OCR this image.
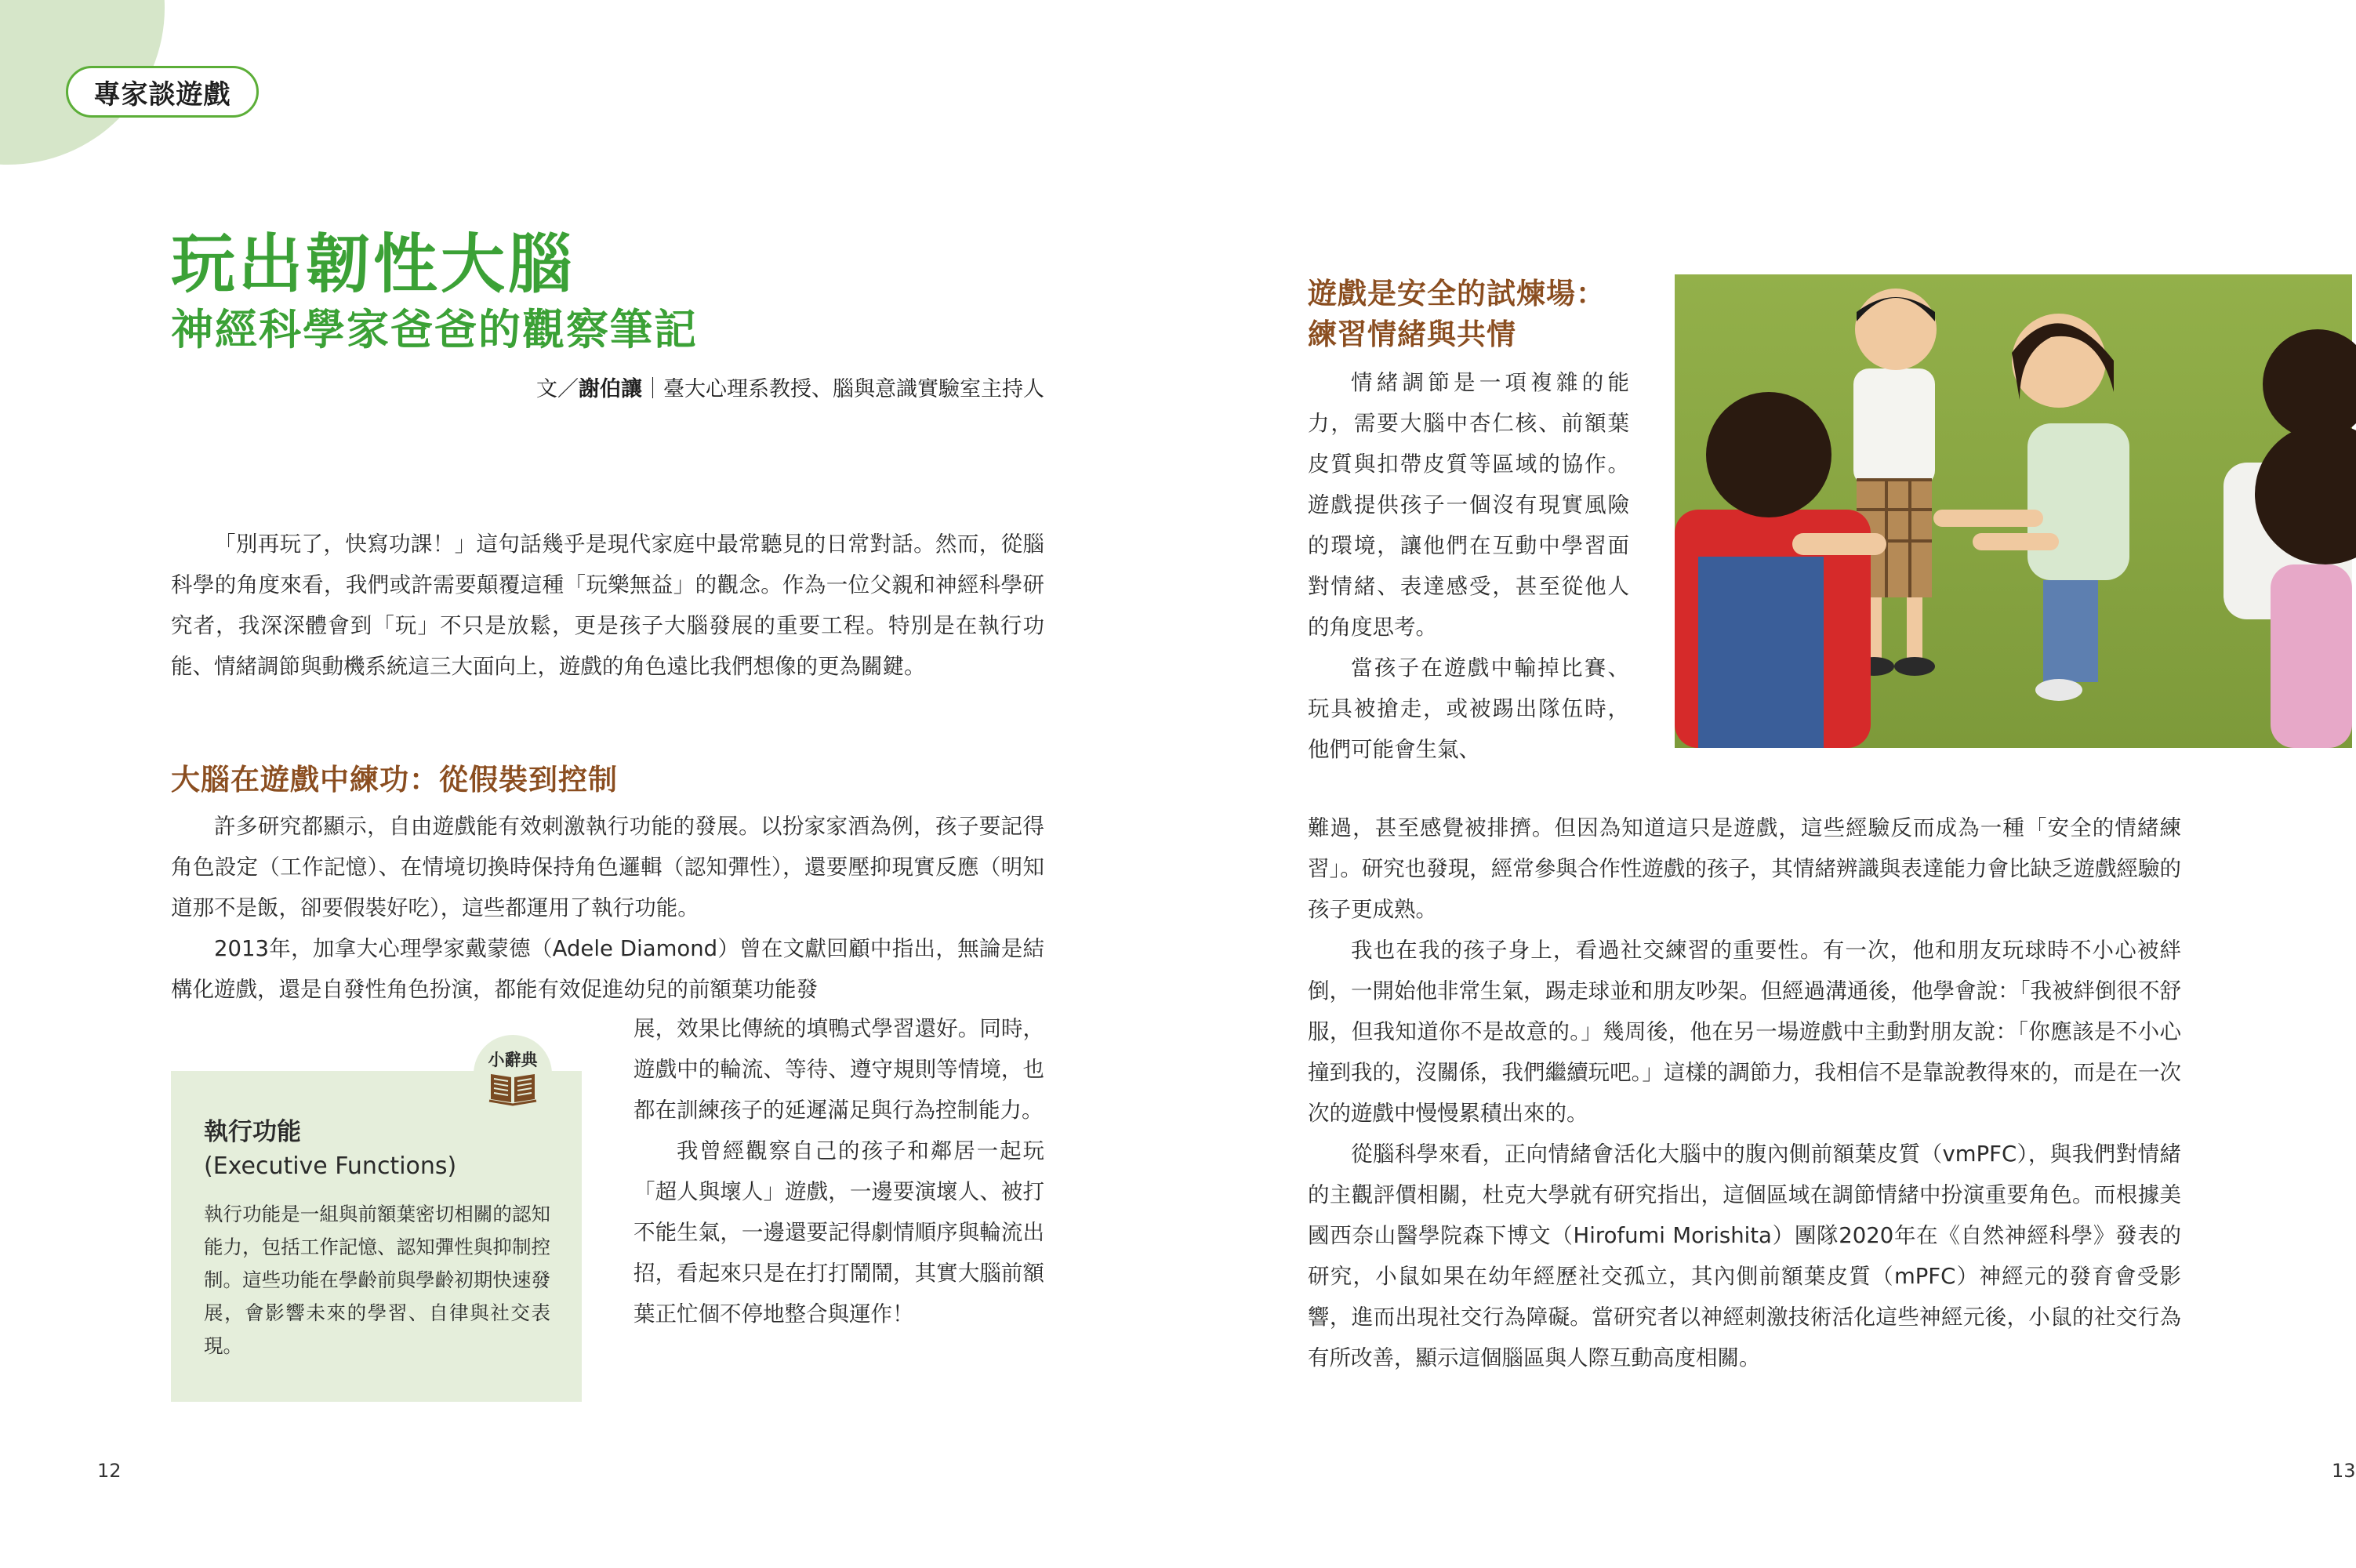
專家談遊戲
玩出韌性大腦
神經科學家爸爸的觀察筆記
文／謝伯讓｜臺大心理系教授、腦與意識實驗室主持人

「別再玩了，快寫功課！」這句話幾乎是現代家庭中最常聽見的日常對話。然而，從腦科學的角度來看，我們或許需要顛覆這種「玩樂無益」的觀念。作為一位父親和神經科學研究者，我深深體會到「玩」不只是放鬆，更是孩子大腦發展的重要工程。特別是在執行功能、情緒調節與動機系統這三大面向上，遊戲的角色遠比我們想像的更為關鍵。

大腦在遊戲中練功：從假裝到控制

許多研究都顯示，自由遊戲能有效刺激執行功能的發展。以扮家家酒為例，孩子要記得角色設定（工作記憶）、在情境切換時保持角色邏輯（認知彈性），還要壓抑現實反應（明知道那不是飯，卻要假裝好吃），這些都運用了執行功能。

2013年，加拿大心理學家戴蒙德（Adele Diamond）曾在文獻回顧中指出，無論是結構化遊戲，還是自發性角色扮演，都能有效促進幼兒的前額葉功能發

展，效果比傳統的填鴨式學習還好。同時，遊戲中的輪流、等待、遵守規則等情境，也都在訓練孩子的延遲滿足與行為控制能力。

我曾經觀察自己的孩子和鄰居一起玩「超人與壞人」遊戲，一邊要演壞人、被打不能生氣，一邊還要記得劇情順序與輪流出招，看起來只是在打打鬧鬧，其實大腦前額葉正忙個不停地整合與運作！

執行功能
(Executive Functions)
執行功能是一組與前額葉密切相關的認知能力，包括工作記憶、認知彈性與抑制控制。這些功能在學齡前與學齡初期快速發展，會影響未來的學習、自律與社交表現。
小辭典
12
遊戲是安全的試煉場：
練習情緒與共情

情緒調節是一項複雜的能力，需要大腦中杏仁核、前額葉皮質與扣帶皮質等區域的協作。遊戲提供孩子一個沒有現實風險的環境，讓他們在互動中學習面對情緒、表達感受，甚至從他人的角度思考。

當孩子在遊戲中輸掉比賽、玩具被搶走，或被踢出隊伍時，他們可能會生氣、

難過，甚至感覺被排擠。但因為知道這只是遊戲，這些經驗反而成為一種「安全的情緒練習」。研究也發現，經常參與合作性遊戲的孩子，其情緒辨識與表達能力會比缺乏遊戲經驗的孩子更成熟。

我也在我的孩子身上，看過社交練習的重要性。有一次，他和朋友玩球時不小心被絆倒，一開始他非常生氣，踢走球並和朋友吵架。但經過溝通後，他學會說：「我被絆倒很不舒服，但我知道你不是故意的。」幾周後，他在另一場遊戲中主動對朋友說：「你應該是不小心撞到我的，沒關係，我們繼續玩吧。」這樣的調節力，我相信不是靠說教得來的，而是在一次次的遊戲中慢慢累積出來的。

從腦科學來看，正向情緒會活化大腦中的腹內側前額葉皮質（vmPFC），與我們對情緒的主觀評價相關，杜克大學就有研究指出，這個區域在調節情緒中扮演重要角色。而根據美國西奈山醫學院森下博文（Hirofumi Morishita）團隊2020年在《自然神經科學》發表的研究，小鼠如果在幼年經歷社交孤立，其內側前額葉皮質（mPFC）神經元的發育會受影響，進而出現社交行為障礙。當研究者以神經刺激技術活化這些神經元後，小鼠的社交行為有所改善，顯示這個腦區與人際互動高度相關。

13
